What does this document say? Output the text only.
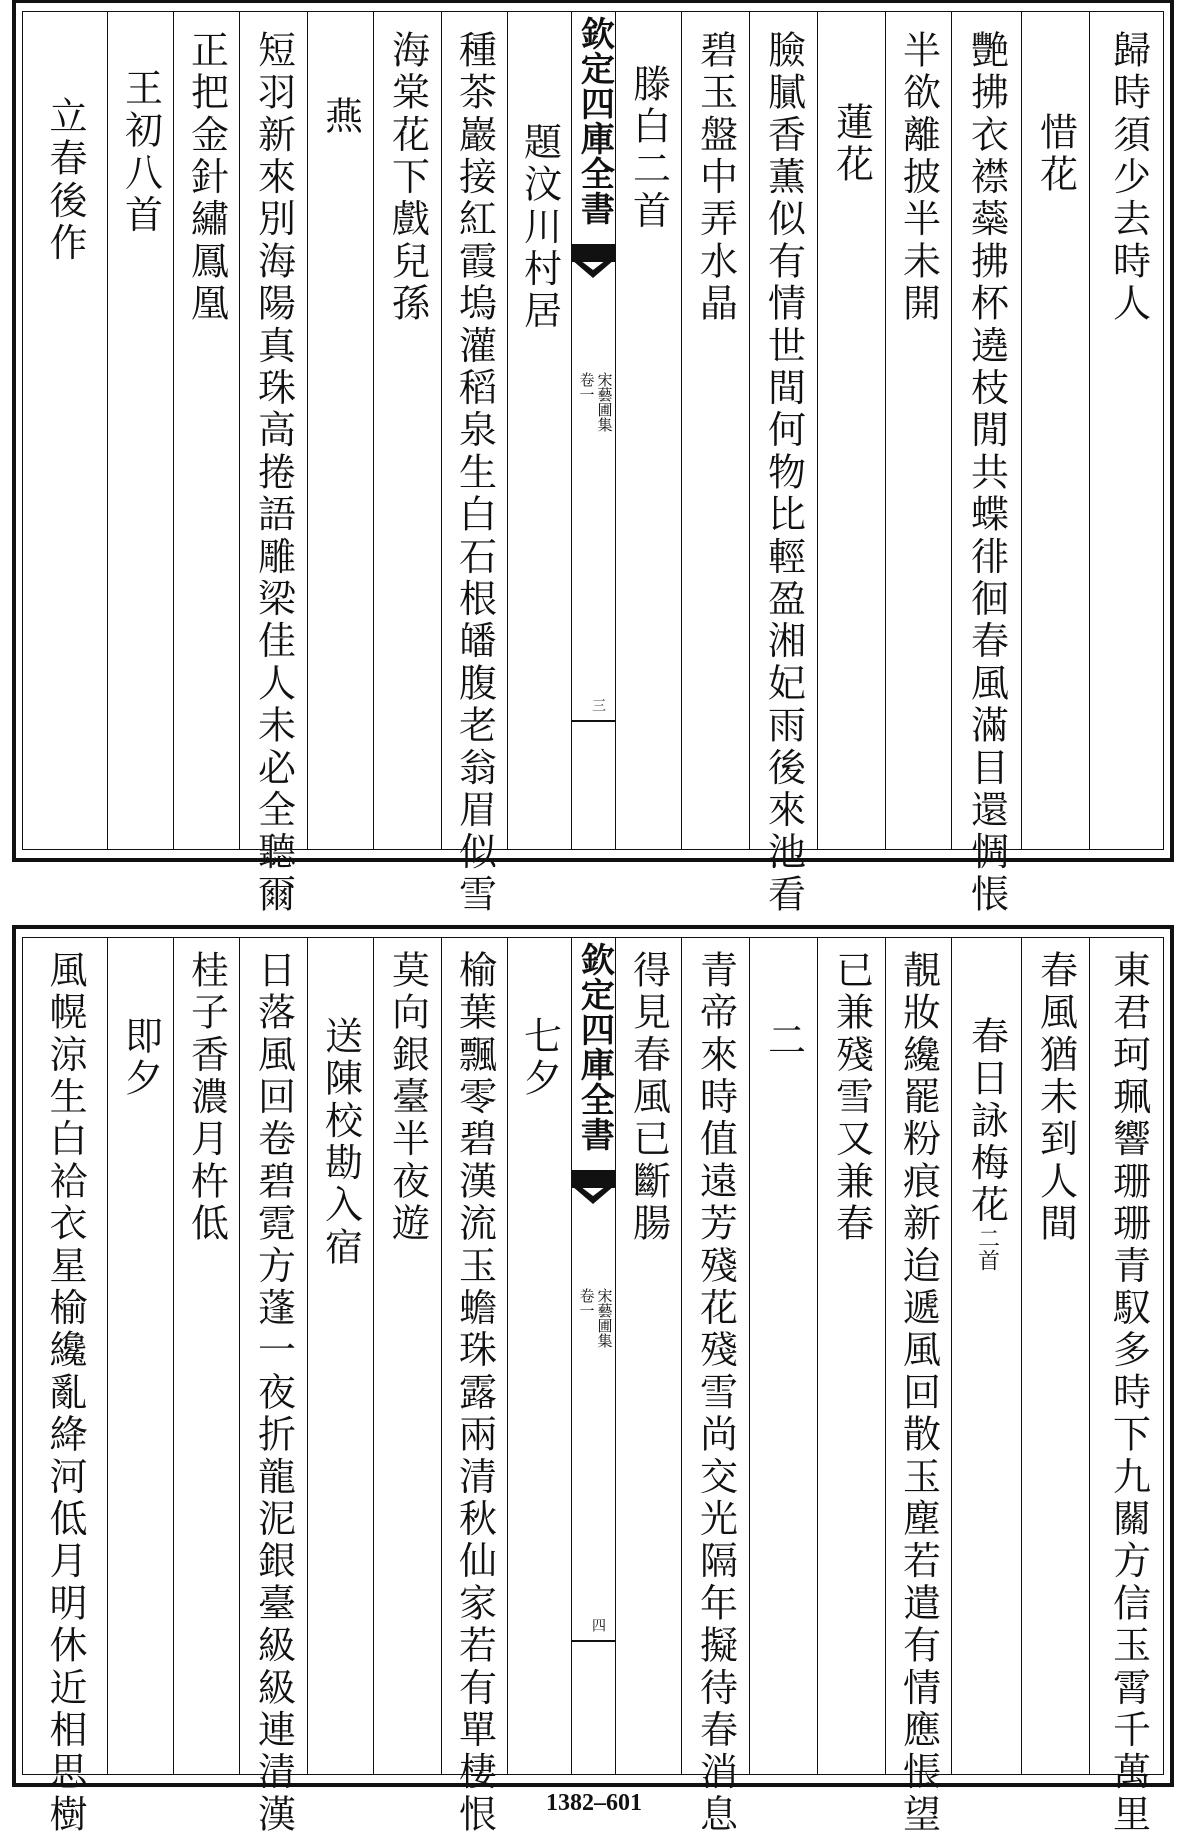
歸時須少去時人
惜花
艷拂衣襟蘂拂杯遶枝閒共蝶徘徊春風滿目還惆悵
半欲離披半未開
蓮花
臉膩香薫似有情世間何物比輕盈湘妃雨後來池看
碧玉盤中弄水晶
滕白二首
欽定四庫全書
宋藝圃集
卷一
三
題汶川村居
種茶巖接紅霞塢灌稻泉生白石根皤腹老翁眉似雪
海棠花下戲兒孫
燕
短羽新來別海陽真珠高捲語雕梁佳人未必全聽爾
正把金針繡鳳凰
王初八首
立春後作
東君珂珮響珊珊青馭多時下九關方信玉霄千萬里
春風猶未到人間
春日詠梅花二首
靚妝纔罷粉痕新迨遞風回散玉塵若遣有情應悵望
已兼殘雪又兼春
二
青帝來時值遠芳殘花殘雪尚交光隔年擬待春消息
得見春風已斷腸
欽定四庫全書
宋藝圃集
卷一
四
七夕
榆葉飄零碧漢流玉蟾珠露兩清秋仙家若有單棲恨
莫向銀臺半夜遊
送陳校勘入宿
日落風回卷碧霓方蓬一夜折龍泥銀臺級級連清漢
桂子香濃月杵低
即夕
風幌涼生白袷衣星榆纔亂絳河低月明休近相思樹	1382–601
